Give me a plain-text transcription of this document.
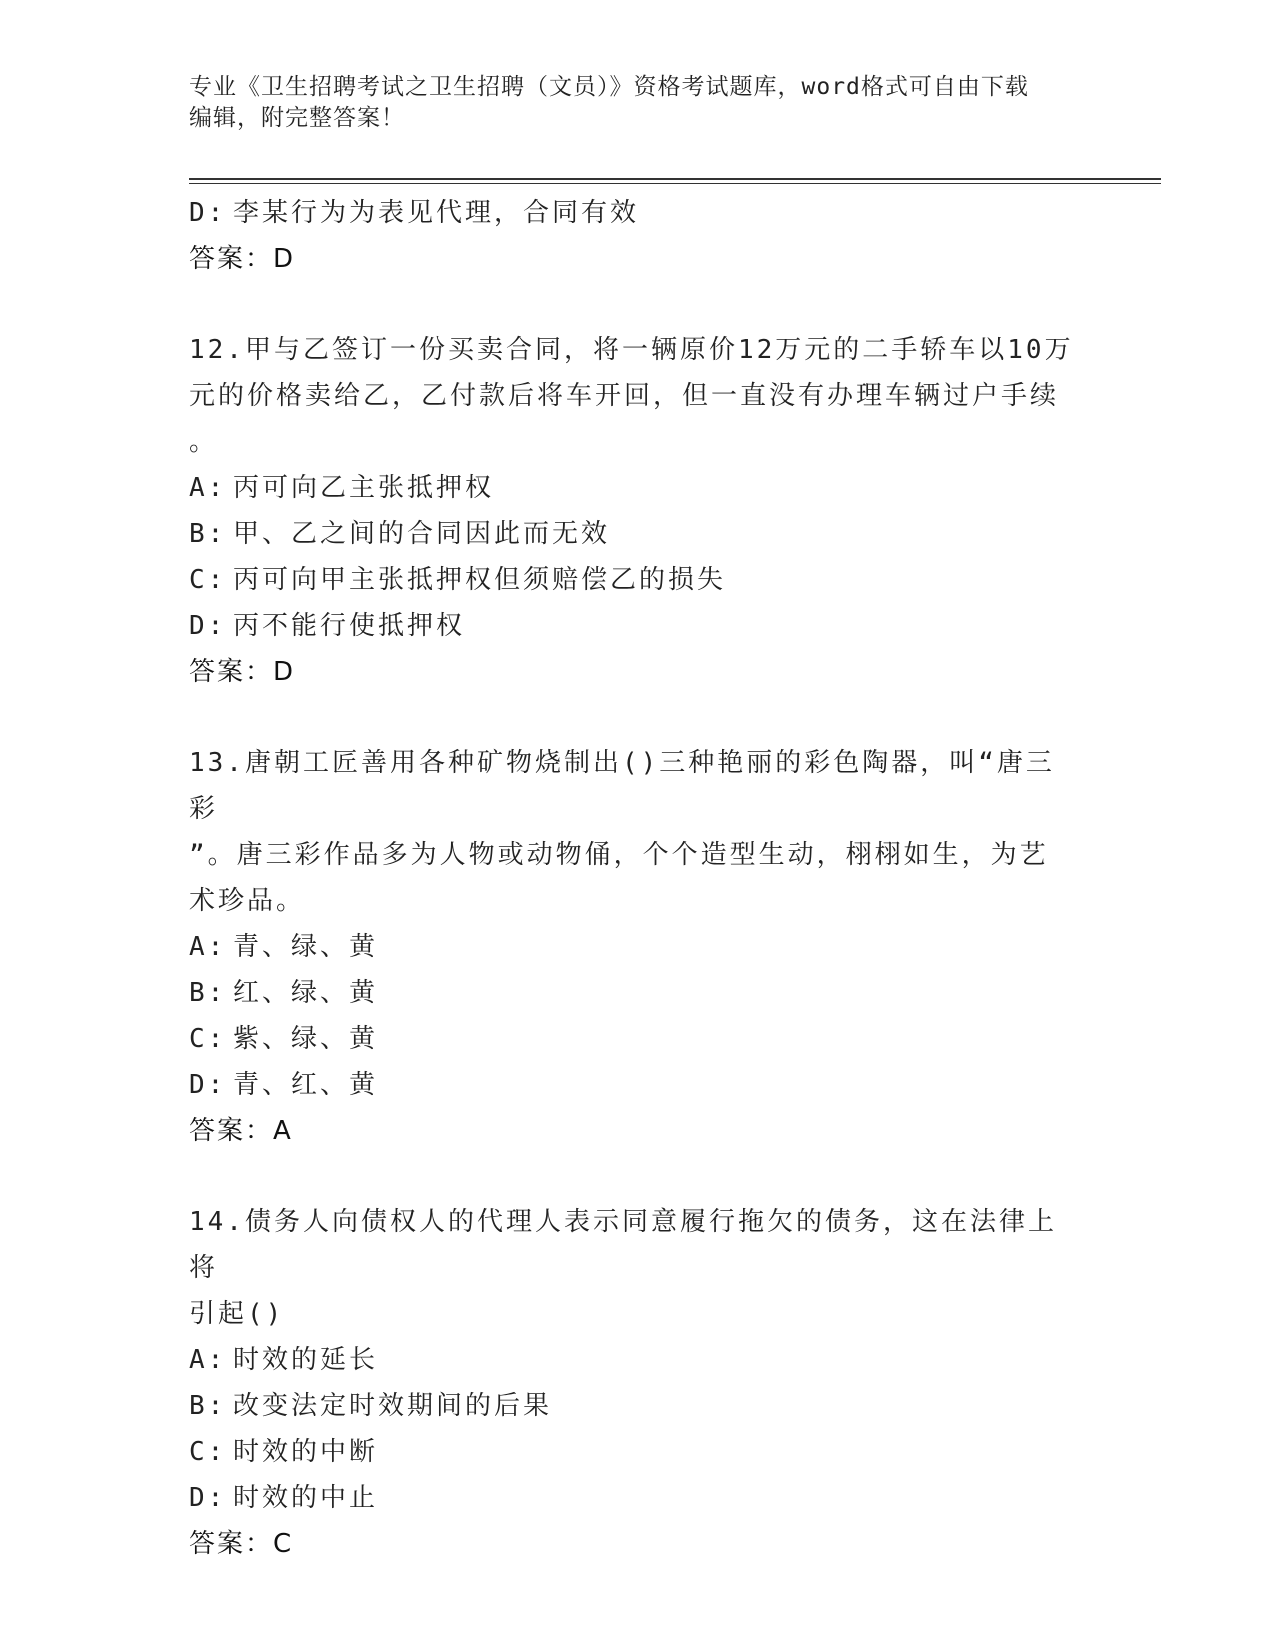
专业《卫生招聘考试之卫生招聘（文员）》资格考试题库，word格式可自由下载
编辑，附完整答案！
D: 李某行为为表见代理，合同有效
答案：D
12.甲与乙签订一份买卖合同，将一辆原价12万元的二手轿车以10万
元的价格卖给乙，乙付款后将车开回，但一直没有办理车辆过户手续
。
A: 丙可向乙主张抵押权
B: 甲、乙之间的合同因此而无效
C: 丙可向甲主张抵押权但须赔偿乙的损失
D: 丙不能行使抵押权
答案：D
13.唐朝工匠善用各种矿物烧制出()三种艳丽的彩色陶器，叫“唐三彩
”。唐三彩作品多为人物或动物俑，个个造型生动，栩栩如生，为艺
术珍品。
A: 青、绿、黄
B: 红、绿、黄
C: 紫、绿、黄
D: 青、红、黄
答案：A
14.债务人向债权人的代理人表示同意履行拖欠的债务，这在法律上将
引起()
A: 时效的延长
B: 改变法定时效期间的后果
C: 时效的中断
D: 时效的中止
答案：C
